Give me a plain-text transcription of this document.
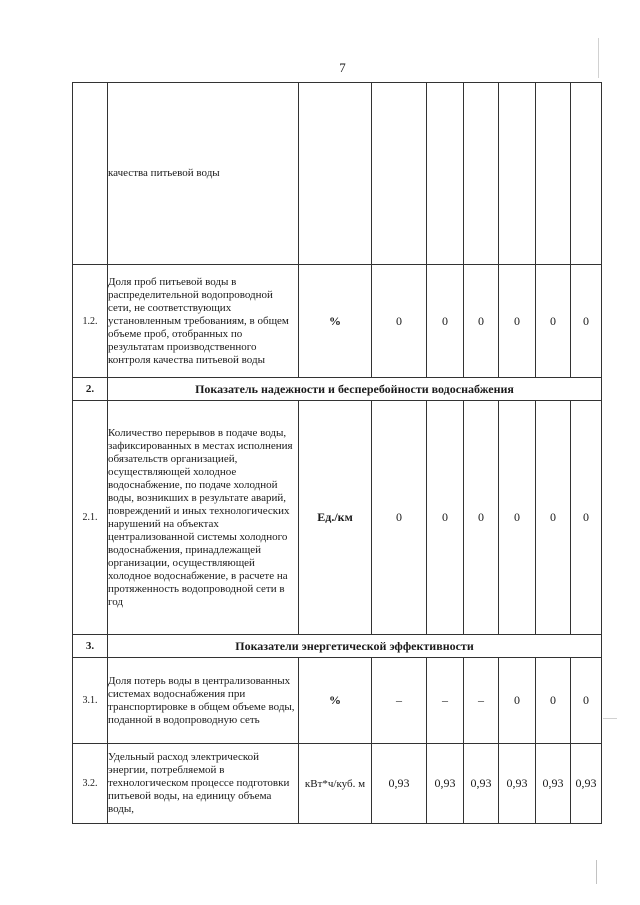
7
	качества питьевой воды							
1.2.	Доля проб питьевой воды в распределительной водопроводной сети, не соответствующих установленным требованиям, в общем объеме проб, отобранных по результатам производственного контроля качества питьевой воды	%	0	0	0	0	0	0
2.	Показатель надежности и бесперебойности водоснабжения							
2.1.	Количество перерывов в подаче воды, зафиксированных в местах исполнения обязательств организацией, осуществляющей холодное водоснабжение, по подаче холодной воды, возникших в результате аварий, повреждений и иных технологических нарушений на объектах централизованной системы холодного водоснабжения, принадлежащей организации, осуществляющей холодное водоснабжение, в расчете на протяженность водопроводной сети в год	Ед./км	0	0	0	0	0	0
3.	Показатели энергетической эффективности							
3.1.	Доля потерь воды в централизованных системах водоснабжения при транспортировке в общем объеме воды, поданной в водопроводную сеть	%	–	–	–	0	0	0
3.2.	Удельный расход электрической энергии, потребляемой в технологическом процессе подготовки питьевой воды, на единицу объема воды,	кВт*ч/куб. м	0,93	0,93	0,93	0,93	0,93	0,93
